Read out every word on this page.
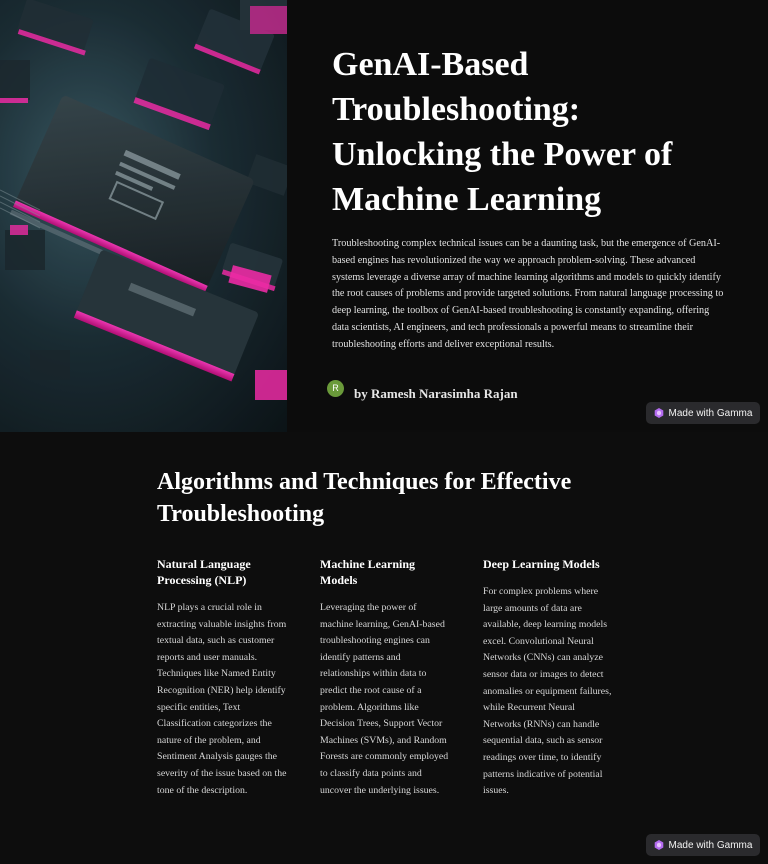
GenAI-Based Troubleshooting: Unlocking the Power of Machine Learning

Troubleshooting complex technical issues can be a daunting task, but the emergence of GenAI-based engines has revolutionized the way we approach problem-solving. These advanced systems leverage a diverse array of machine learning algorithms and models to quickly identify the root causes of problems and provide targeted solutions. From natural language processing to deep learning, the toolbox of GenAI-based troubleshooting is constantly expanding, offering data scientists, AI engineers, and tech professionals a powerful means to streamline their troubleshooting efforts and deliver exceptional results.

R	by Ramesh Narasimha Rajan
Made with Gamma
Algorithms and Techniques for Effective Troubleshooting
Natural Language Processing (NLP)

NLP plays a crucial role in extracting valuable insights from textual data, such as customer reports and user manuals. Techniques like Named Entity Recognition (NER) help identify specific entities, Text Classification categorizes the nature of the problem, and Sentiment Analysis gauges the severity of the issue based on the tone of the description.

Machine Learning Models

Leveraging the power of machine learning, GenAI-based troubleshooting engines can identify patterns and relationships within data to predict the root cause of a problem. Algorithms like Decision Trees, Support Vector Machines (SVMs), and Random Forests are commonly employed to classify data points and uncover the underlying issues.

Deep Learning Models

For complex problems where large amounts of data are available, deep learning models excel. Convolutional Neural Networks (CNNs) can analyze sensor data or images to detect anomalies or equipment failures, while Recurrent Neural Networks (RNNs) can handle sequential data, such as sensor readings over time, to identify patterns indicative of potential issues.

Made with Gamma
